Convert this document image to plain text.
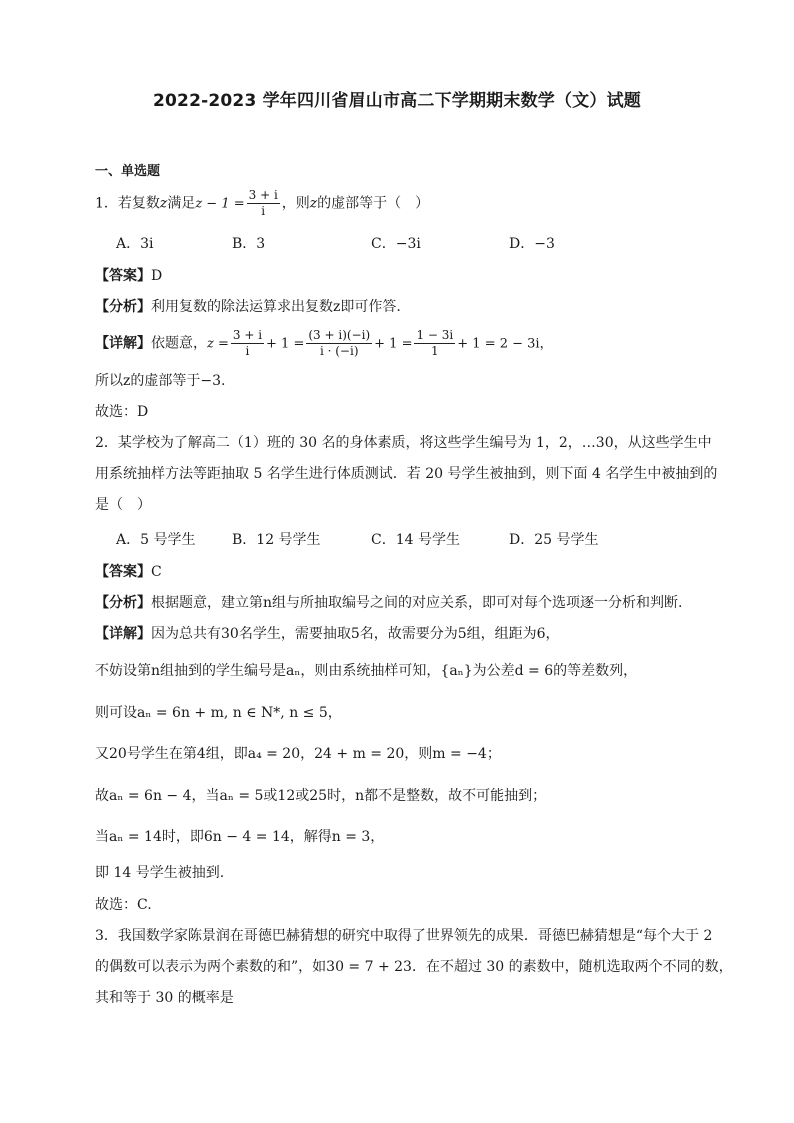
2022-2023 学年四川省眉山市高二下学期期末数学（文）试题
一、单选题
1．若复数z满足$z - 1 = \frac{3 + i}{i}$ ，则z的虚部等于（　）
A．3i	B．3	C．−3i	D．−3
【答案】D
【分析】利用复数的除法运算求出复数z即可作答.
【详解】依题意，$z = \frac{3 + i}{i} + 1 = \frac{(3 + i)(-i)}{i \cdot (-i)} + 1 = \frac{1 - 3i}{1} + 1 = 2 - 3i$，
所以z的虚部等于−3.
故选：D
2．某学校为了解高二（1）班的 30 名的身体素质，将这些学生编号为 1，2，…30，从这些学生中
用系统抽样方法等距抽取 5 名学生进行体质测试．若 20 号学生被抽到，则下面 4 名学生中被抽到的
是（　）
A．5 号学生	B．12 号学生	C．14 号学生	D．25 号学生
【答案】C
【分析】根据题意，建立第n组与所抽取编号之间的对应关系，即可对每个选项逐一分析和判断.
【详解】因为总共有30名学生，需要抽取5名，故需要分为5组，组距为6，
不妨设第n组抽到的学生编号是aₙ，则由系统抽样可知，{aₙ}为公差d = 6的等差数列，
则可设aₙ = 6n + m, n ∈ N*, n ≤ 5，
又20号学生在第4组，即a₄ = 20，24 + m = 20，则m = −4；
故aₙ = 6n − 4，当aₙ = 5或12或25时，n都不是整数，故不可能抽到；
当aₙ = 14时，即6n − 4 = 14，解得n = 3，
即 14 号学生被抽到.
故选：C.
3．我国数学家陈景润在哥德巴赫猜想的研究中取得了世界领先的成果．哥德巴赫猜想是“每个大于 2
的偶数可以表示为两个素数的和”，如30 = 7 + 23．在不超过 30 的素数中，随机选取两个不同的数，
其和等于 30 的概率是
